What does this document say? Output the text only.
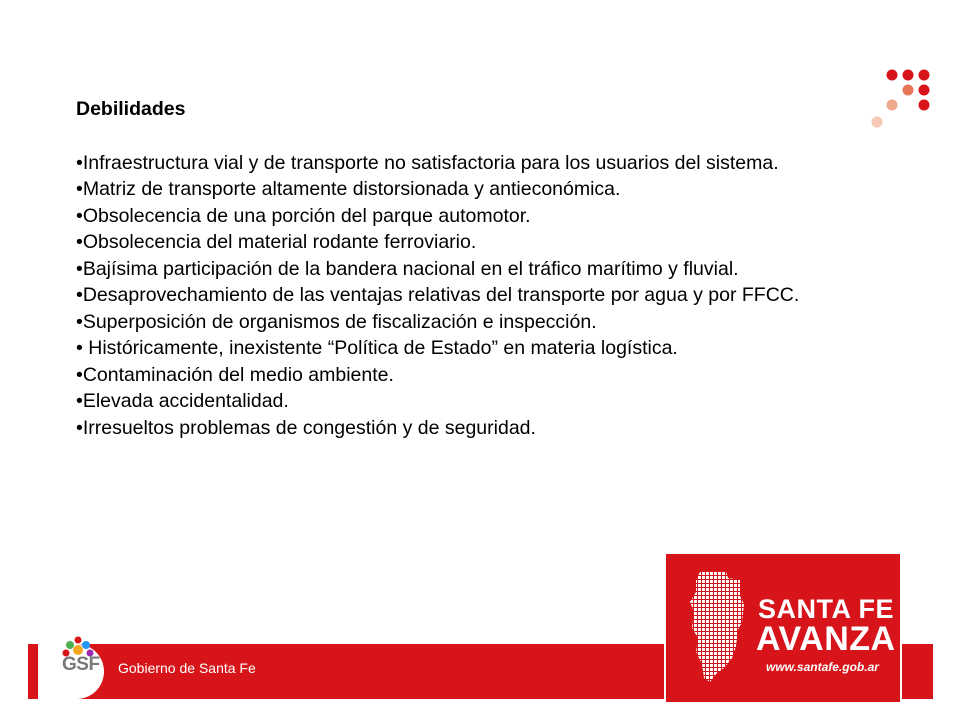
Debilidades

•Infraestructura vial y de transporte no satisfactoria para los usuarios del sistema.

•Matriz de transporte altamente distorsionada y antieconómica.

•Obsolecencia de una porción del parque automotor.

•Obsolecencia del material rodante ferroviario.

•Bajísima participación de la bandera nacional en el tráfico marítimo y fluvial.

•Desaprovechamiento de las ventajas relativas del transporte por agua y por FFCC.

•Superposición de organismos de fiscalización e inspección.

• Históricamente, inexistente “Política de Estado” en materia logística.

•Contaminación del medio ambiente.

•Elevada accidentalidad.

•Irresueltos problemas de congestión y de seguridad.

GSF Gobierno de Santa Fe
SANTA FE
AVANZA
www.santafe.gob.ar
